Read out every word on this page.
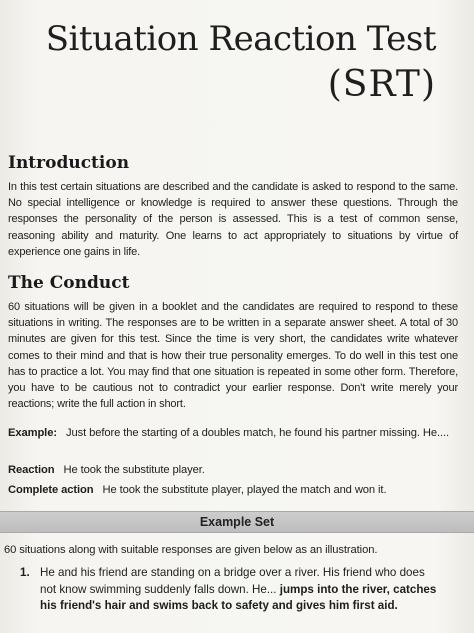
Situation Reaction Test
(SRT)
Introduction

In this test certain situations are described and the candidate is asked to respond to the same. No special intelligence or knowledge is required to answer these questions. Through the responses the personality of the person is assessed. This is a test of common sense, reasoning ability and maturity. One learns to act appropriately to situations by virtue of experience one gains in life.

The Conduct

60 situations will be given in a booklet and the candidates are required to respond to these situations in writing. The responses are to be written in a separate answer sheet. A total of 30 minutes are given for this test. Since the time is very short, the candidates write whatever comes to their mind and that is how their true personality emerges. To do well in this test one has to practice a lot. You may find that one situation is repeated in some other form. Therefore, you have to be cautious not to contradict your earlier response. Don't write merely your reactions; write the full action in short.

Example: Just before the starting of a doubles match, he found his partner missing. He....
Reaction He took the substitute player.
Complete action He took the substitute player, played the match and won it.
Example Set
60 situations along with suitable responses are given below as an illustration.
1. He and his friend are standing on a bridge over a river. His friend who does not know swimming suddenly falls down. He... jumps into the river, catches his friend's hair and swims back to safety and gives him first aid.
